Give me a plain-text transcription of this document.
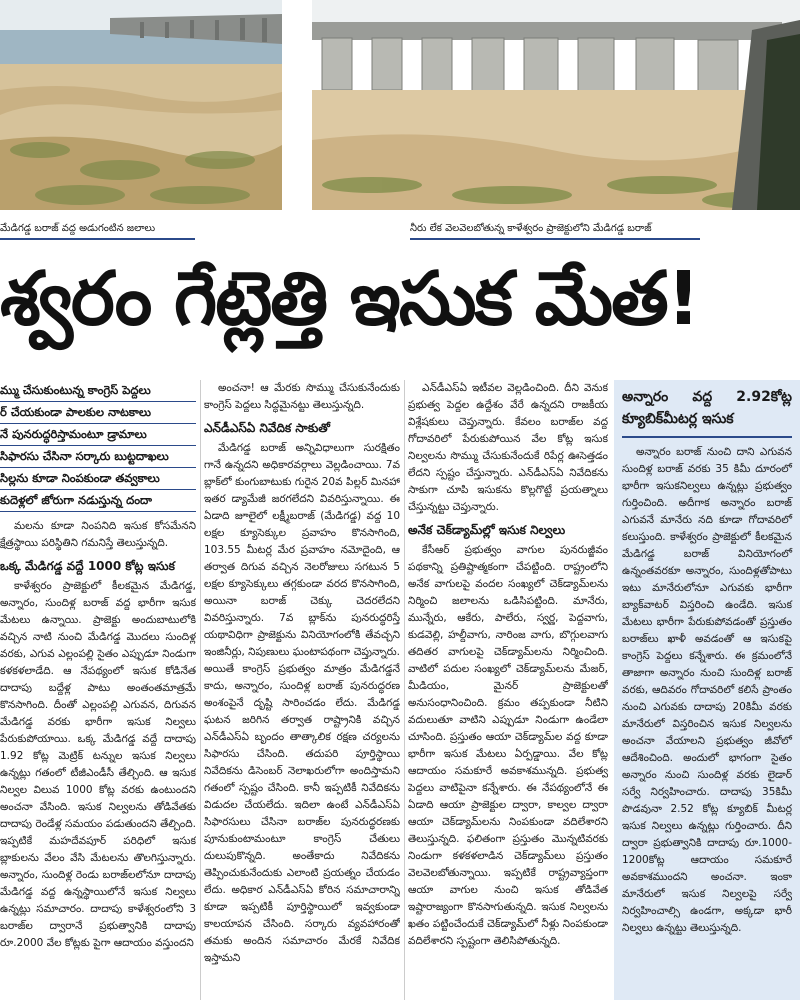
మేడిగడ్డ బరాజ్ వద్ద అడుగంటిన జలాలు	నీరు లేక వెలవెలబోతున్న కాళేశ్వరం ప్రాజెక్టులోని మేడిగడ్డ బరాజ్
శ్వరం గేట్లెత్తి ఇసుక మేత!
మ్ము చేసుకుంటున్న కాంగ్రెస్ పెద్దలు
ర్ చేయకుండా పాలకుల నాటకాలు
నే పునరుద్ధరిస్తామంటూ డ్రామాలు
సిఫారసు చేసినా సర్కారు బుట్టదాఖలు
సిల్లను కూడా నింపకుండా తవ్వకాలు
కుదెళ్లలో జోరుగా నడుస్తున్న దందా

మలను కూడా నింపనిది ఇసుక కోసమేనని క్షేత్రస్థాయి పరిస్థితిని గమనిస్తే తెలుస్తున్నది.

ఒక్క మేడిగడ్డ వద్దే 1000 కోట్ల ఇసుక

కాళేశ్వరం ప్రాజెక్టులో కీలకమైన మేడిగడ్డ, అన్నారం, సుందిళ్ల బరాజ్ వద్ద భారీగా ఇసుక మేటలు ఉన్నాయి. ప్రాజెక్టు అందుబాటులోకి వచ్చిన నాటి నుంచి మేడిగడ్డ మొదలు సుందిళ్ల వరకు, ఎగువ ఎల్లంపల్లి సైతం ఎప్పుడూ నిండుగా కళకళలాడేది. ఆ నేపథ్యంలో ఇసుక కోడినేత దాదాపు బద్దేళ్ల పాటు అంతంతమాత్రమే కొనసాగింది. దీంతో ఎల్లంపల్లి ఎగువన, దిగువన మేడిగడ్డ వరకు భారీగా ఇసుక నిల్వలు పేరుకుపోయాయి. ఒక్క మేడిగడ్డ వద్దే దాదాపు 1.92 కోట్ల మెట్రిక్ టన్నుల ఇసుక నిల్వలు ఉన్నట్లు గతంలో టీజీఎండీసీ తేల్చింది. ఆ ఇసుక నిల్వల విలువ 1000 కోట్ల వరకు ఉంటుందని అంచనా వేసింది. ఇసుక నిల్వలను తోడివేతకు దాదాపు రెండేళ్ల సమయం పడుతుందని తేల్చింది. ఇప్పటికే మహదేవపూర్ పరిధిలో ఇసుక బ్లాకులను వేలం వేసి మేటలను తొలగిస్తున్నారు. అన్నారం, సుందిళ్ల రెండు బరాజ్‌లలోనూ దాదాపు మేడిగడ్డ వద్ద ఉన్నస్థాయిలోనే ఇసుక నిల్వలు ఉన్నట్లు సమాచారం. దాదాపు కాళేశ్వరంలోని 3 బరాజ్‌ల ద్వారానే ప్రభుత్వానికి దాదాపు రూ.2000 వేల కోట్లకు పైగా ఆదాయం వస్తుందని

అంచనా! ఆ మేరకు సొమ్ము చేసుకునేందుకు కాంగ్రెస్ పెద్దలు సిద్ధమైనట్టు తెలుస్తున్నది.

ఎన్‌డీఎస్‌ఏ నివేదిక సాకుతో

మేడిగడ్డ బరాజ్ అన్నివిధాలుగా సురక్షితం గానే ఉన్నదని అధికారవర్గాలు వెల్లడించాయి. 7వ బ్లాక్‌లో కుంగుబాటుకు గురైన 20వ పిల్లర్ మినహా ఇతర డ్యామేజీ జరగలేదని వివరిస్తున్నాయి. ఈ ఏడాది జూలైలో లక్ష్మీబరాజ్ (మేడిగడ్డ) వద్ద 10 లక్షల క్యూసెక్కుల ప్రవాహం కొనసాగింది, 103.55 మీటర్ల మేర ప్రవాహం నమోదైంది, ఆ తర్వాత దిగువ వచ్చిన నెలరోజులు సగటున 5 లక్షల క్యూసెక్కులు తగ్గకుండా వరద కొనసాగింది, అయినా బరాజ్ చెక్కు చెదరలేదని వివరిస్తున్నారు. 7వ బ్లాక్‌ను పునరుద్ధరిస్తే యథావిధిగా ప్రాజెక్టును వినియోగంలోకి తేవచ్చని ఇంజినీర్లు, నిపుణులు ఘంటాపథంగా చెప్తున్నారు. అయితే కాంగ్రెస్ ప్రభుత్వం మాత్రం మేడిగడ్డనే కాదు, అన్నారం, సుందిళ్ల బరాజ్ పునరుద్ధరణ అంశంపైనే దృష్టి సారించడం లేదు. మేడిగడ్డ ఘటన జరిగిన తర్వాత రాష్ట్రానికి వచ్చిన ఎన్‌డీఎస్‌ఏ బృందం తాత్కాలిక రక్షణ చర్యలను సిఫారసు చేసింది. తదుపరి పూర్తిస్థాయి నివేదికను డిసెంబర్ నెలాఖరులోగా అందిస్తామని గతంలో స్పష్టం చేసింది. కానీ ఇప్పటికీ నివేదికను విడుదల చేయలేదు. ఇదిలా ఉంటే ఎన్‌డీఎస్‌ఏ సిఫారసులు చేసినా బరాజ్‌ల పునరుద్ధరణకు పూనుకుంటామంటూ కాంగ్రెస్ చేతులు దులుపుకొన్నది. అంతేకాదు నివేదికను తెప్పించుకునేందుకు ఎలాంటి ప్రయత్నం చేయడం లేదు. అధికార ఎన్‌డీఎస్‌ఏ కోరిన సమాచారాన్ని కూడా ఇప్పటికీ పూర్తిస్థాయిలో ఇవ్వకుండా కాలయాపన చేసింది. సర్కారు వ్యవహారంతో తమకు అందిన సమాచారం మేరకే నివేదిక ఇస్తామని

ఎన్‌డీఎస్‌ఏ ఇటీవల వెల్లడించింది. దీని వెనుక ప్రభుత్వ పెద్దల ఉద్దేశం వేరే ఉన్నదని రాజకీయ విశ్లేషకులు చెప్తున్నారు. కేవలం బరాజ్‌ల వద్ద గోదావరిలో పేరుకుపోయిన వేల కోట్ల ఇసుక నిల్వలను సొమ్ము చేసుకునేందుకే రిపేర్ల ఊసెత్తడం లేదని స్పష్టం చేస్తున్నారు. ఎన్‌డీఎస్‌ఏ నివేదికను సాకుగా చూపి ఇసుకను కొల్లగొట్టే ప్రయత్నాలు చేస్తున్నట్టు చెప్తున్నారు.

అనేక చెక్‌డ్యామ్‌ల్లో ఇసుక నిల్వలు

కేసీఆర్ ప్రభుత్వం వాగుల పునరుజ్జీవం పథకాన్ని ప్రతిష్టాత్మకంగా చేపట్టింది. రాష్ట్రంలోని అనేక వాగులపై వందల సంఖ్యలో చెక్‌డ్యామ్‌లను నిర్మించి జలాలను ఒడిసిపట్టింది. మానేరు, మున్నేరు, ఆకేరు, పాలేరు, స్వర్ణ, పెద్దవాగు, కుడవెల్లి, హల్దీవాగు, నారింజ వాగు, బొగ్గులవాగు తదితర వాగులపై చెక్‌డ్యామ్‌లను నిర్మించింది. వాటిలో పదుల సంఖ్యలో చెక్‌డ్యామ్‌లను మేజర్, మీడియం, మైనర్ ప్రాజెక్టులతో అనుసంధానించింది. క్రమం తప్పకుండా నీటిని వదులుతూ వాటిని ఎప్పుడూ నిండుగా ఉండేలా చూసింది. ప్రస్తుతం ఆయా చెక్‌డ్యామ్‌ల వద్ద కూడా భారీగా ఇసుక మేటలు ఏర్పడ్డాయి. వేల కోట్ల ఆదాయం సమకూరే అవకాశమున్నది. ప్రభుత్వ పెద్దలు వాటిపైనా కన్నేశారు. ఈ నేపథ్యంలోనే ఈ ఏడాది ఆయా ప్రాజెక్టుల ద్వారా, కాల్వల ద్వారా ఆయా చెక్‌డ్యామ్‌లను నింపకుండా వదిలేశారని తెలుస్తున్నది. ఫలితంగా ప్రస్తుతం మొన్నటివరకు నిండుగా కళకళలాడిన చెక్‌డ్యామ్‌లు ప్రస్తుతం వెలవెలబోతున్నాయి. ఇప్పటికే రాష్ట్రవ్యాప్తంగా ఆయా వాగుల నుంచి ఇసుక తోడివేత ఇష్టారాజ్యంగా కొనసాగుతున్నది. ఇసుక నిల్వలను ఖతం పట్టించేందుకే చెక్‌డ్యామ్‌లో నీళ్లు నింపకుండా వదిలేశారని స్పష్టంగా తెలిసిపోతున్నది.

అన్నారం వద్ద 2.92కోట్ల క్యూబిక్‌మీటర్ల ఇసుక

అన్నారం బరాజ్ నుంచి దాని ఎగువన సుందిళ్ల బరాజ్ వరకు 35 కిమీ దూరంలో భారీగా ఇసుకనిల్వలు ఉన్నట్లు ప్రభుత్వం గుర్తించింది. అదీగాక అన్నారం బరాజ్ ఎగువనే మానేరు నది కూడా గోదావరిలో కలుస్తుంది. కాళేశ్వరం ప్రాజెక్టులో కీలకమైన మేడిగడ్డ బరాజ్ వినియోగంలో ఉన్నంతవరకూ అన్నారం, సుందిళ్లతోపాటు ఇటు మానేరులోనూ ఎగువకు భారీగా బ్యాక్‌వాటర్ విస్తరించి ఉండేది. ఇసుక మేటలు భారీగా పేరుకుపోవడంతో ప్రస్తుతం బరాజ్‌లు ఖాళీ అవడంతో ఆ ఇసుకపై కాంగ్రెస్ పెద్దలు కన్నేశారు. ఈ క్రమంలోనే తాజాగా అన్నారం నుంచి సుందిళ్ల బరాజ్ వరకు, ఆదివరం గోదావరిలో కలిసే ప్రాంతం నుంచి ఎగువకు దాదాపు 20కిమీ వరకు మానేరులో విస్తరించిన ఇసుక నిల్వలను అంచనా వేయాలని ప్రభుత్వం జీవోలో ఆదేశించింది. అందులో భాగంగా సైతం అన్నారం నుంచి సుందిళ్ల వరకు లైడార్ సర్వే నిర్వహించారు. దాదాపు 35కిమీ పొడవునా 2.52 కోట్ల క్యూబిక్ మీటర్ల ఇసుక నిల్వలు ఉన్నట్లు గుర్తించారు. దీని ద్వారా ప్రభుత్వానికి దాదాపు రూ.1000-1200కోట్ల ఆదాయం సమకూరే అవకాశముందని అంచనా. ఇంకా మానేరులో ఇసుక నిల్వలపై సర్వే నిర్వహించాల్సి ఉండగా, అక్కడా భారీ నిల్వలు ఉన్నట్టు తెలుస్తున్నది.
